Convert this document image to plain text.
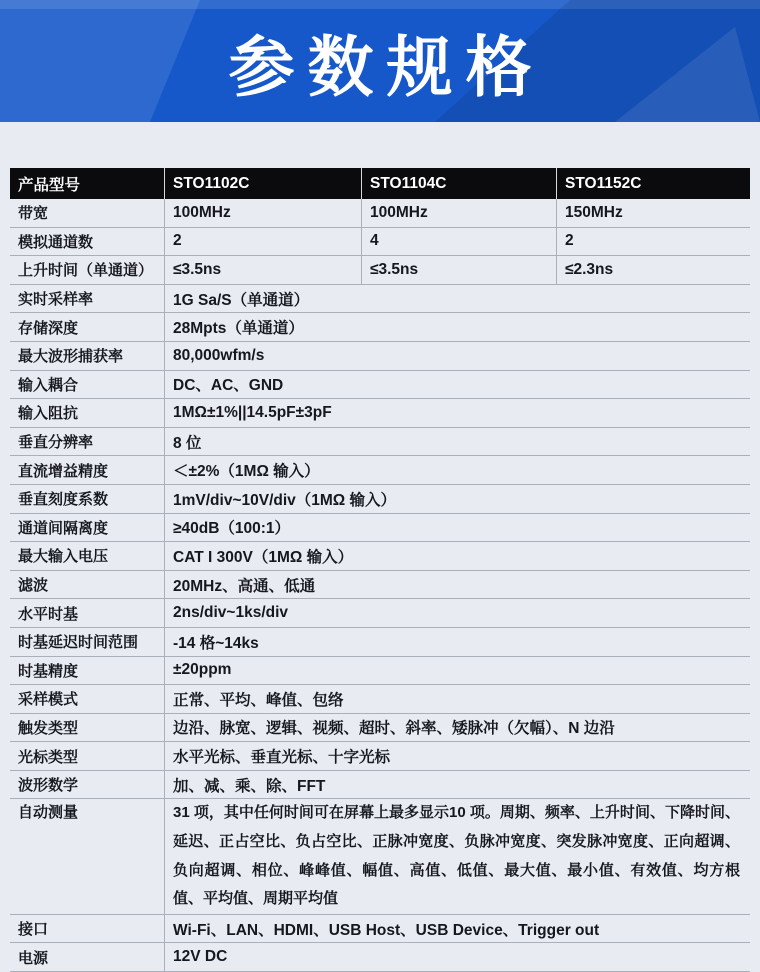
参数规格
产品型号	STO1102C	STO1104C	STO1152C
带宽	100MHz	100MHz	150MHz
模拟通道数	2	4	2
上升时间（单通道）	≤3.5ns	≤3.5ns	≤2.3ns
实时采样率	1G Sa/S（单通道）
存储深度	28Mpts（单通道）
最大波形捕获率	80,000wfm/s
输入耦合	DC、AC、GND
输入阻抗	1MΩ±1%||14.5pF±3pF
垂直分辨率	8 位
直流增益精度	＜±2%（1MΩ 输入）
垂直刻度系数	1mV/div~10V/div（1MΩ 输入）
通道间隔离度	≥40dB（100:1）
最大输入电压	CAT I 300V（1MΩ 输入）
滤波	20MHz、高通、低通
水平时基	2ns/div~1ks/div
时基延迟时间范围	-14 格~14ks
时基精度	±20ppm
采样模式	正常、平均、峰值、包络
触发类型	边沿、脉宽、逻辑、视频、超时、斜率、矮脉冲（欠幅）、N 边沿
光标类型	水平光标、垂直光标、十字光标
波形数学	加、减、乘、除、FFT
自动测量	31 项，其中任何时间可在屏幕上最多显示10 项。周期、频率、上升时间、下降时间、延迟、正占空比、负占空比、正脉冲宽度、负脉冲宽度、突发脉冲宽度、正向超调、负向超调、相位、峰峰值、幅值、高值、低值、最大值、最小值、有效值、均方根值、平均值、周期平均值
接口	Wi-Fi、LAN、HDMI、USB Host、USB Device、Trigger out
电源	12V DC
